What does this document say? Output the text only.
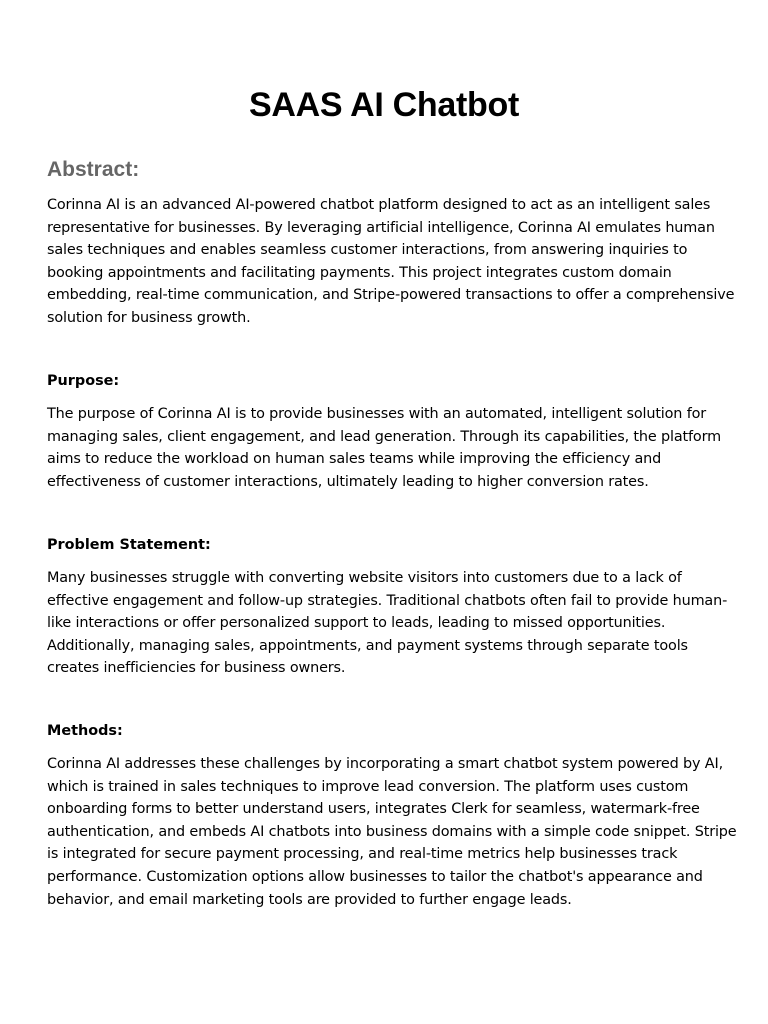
SAAS AI Chatbot
Abstract:

Corinna AI is an advanced AI-powered chatbot platform designed to act as an intelligent sales representative for businesses. By leveraging artificial intelligence, Corinna AI emulates human sales techniques and enables seamless customer interactions, from answering inquiries to booking appointments and facilitating payments. This project integrates custom domain embedding, real-time communication, and Stripe-powered transactions to offer a comprehensive solution for business growth.

Purpose:

The purpose of Corinna AI is to provide businesses with an automated, intelligent solution for managing sales, client engagement, and lead generation. Through its capabilities, the platform aims to reduce the workload on human sales teams while improving the efficiency and effectiveness of customer interactions, ultimately leading to higher conversion rates.

Problem Statement:

Many businesses struggle with converting website visitors into customers due to a lack of effective engagement and follow-up strategies. Traditional chatbots often fail to provide human-like interactions or offer personalized support to leads, leading to missed opportunities. Additionally, managing sales, appointments, and payment systems through separate tools creates inefficiencies for business owners.

Methods:

Corinna AI addresses these challenges by incorporating a smart chatbot system powered by AI, which is trained in sales techniques to improve lead conversion. The platform uses custom onboarding forms to better understand users, integrates Clerk for seamless, watermark-free authentication, and embeds AI chatbots into business domains with a simple code snippet. Stripe is integrated for secure payment processing, and real-time metrics help businesses track performance. Customization options allow businesses to tailor the chatbot's appearance and behavior, and email marketing tools are provided to further engage leads.
